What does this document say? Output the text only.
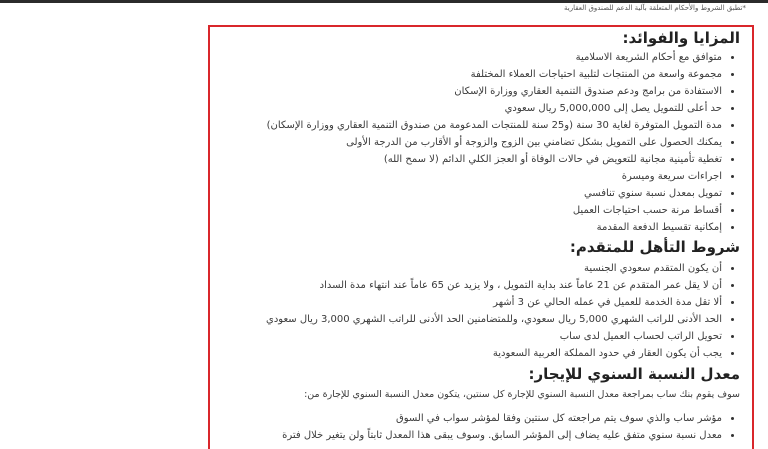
*تطبق الشروط والأحكام المتعلقة بآلية الدعم للصندوق العقارية
المزايا والفوائد:
• متوافق مع أحكام الشريعة الاسلامية
• مجموعة واسعة من المنتجات لتلبية احتياجات العملاء المختلفة
• الاستفادة من برامج ودعم صندوق التنمية العقاري ووزارة الإسكان
• حد أعلى للتمويل يصل إلى 5,000,000 ريال سعودي
• مدة التمويل المتوفرة لغاية 30 سنة (و25 سنة للمنتجات المدعومة من صندوق التنمية العقاري ووزارة الإسكان)
• يمكنك الحصول على التمويل بشكل تضامني بين الزوج والزوجة أو الأقارب من الدرجة الأولى
• تغطية تأمينية مجانية للتعويض في حالات الوفاة أو العجز الكلي الدائم (لا سمح الله)
• اجراءات سريعة وميسرة
• تمويل بمعدل نسبة سنوي تنافسي
• أقساط مرنة حسب احتياجات العميل
• إمكانية تقسيط الدفعة المقدمة
شروط التأهل للمتقدم:
• أن يكون المتقدم سعودي الجنسية
• أن لا يقل عمر المتقدم عن 21 عاماً عند بداية التمويل ، ولا يزيد عن 65 عاماً عند انتهاء مدة السداد
• ألا تقل مدة الخدمة للعميل في عمله الحالي عن 3 أشهر
• الحد الأدنى للراتب الشهري 5,000 ريال سعودي، وللمتضامنين الحد الأدنى للراتب الشهري 3,000 ريال سعودي
• تحويل الراتب لحساب العميل لدى ساب
• يجب أن يكون العقار في حدود المملكة العربية السعودية
معدل النسبة السنوي للإيجار:

سوف يقوم بنك ساب بمراجعة معدل النسبة السنوي للإجارة كل سنتين، يتكون معدل النسبة السنوي للإجارة من:

• مؤشر ساب والذي سوف يتم مراجعته كل سنتين وفقا لمؤشر سواب في السوق
• معدل نسبة سنوي متفق عليه يضاف إلى المؤشر السابق. وسوف يبقى هذا المعدل ثابتاً ولن يتغير خلال فترة
